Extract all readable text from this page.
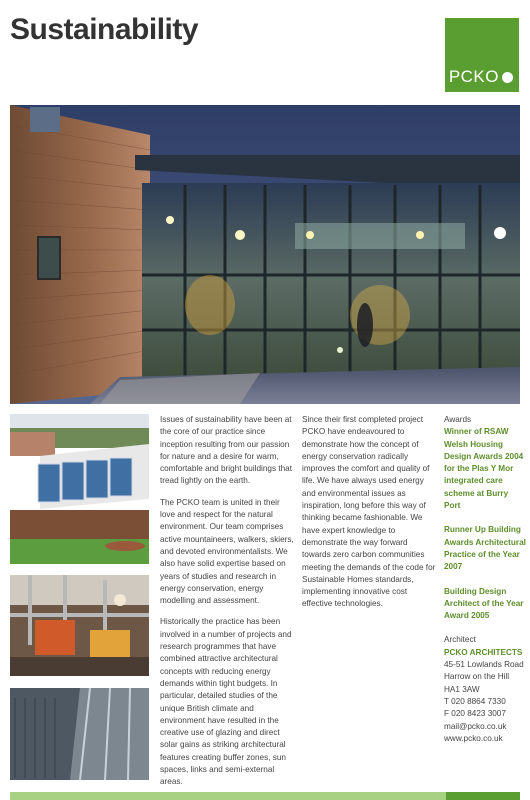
Sustainability
PCKO

Issues of sustainability have been at the core of our practice since inception resulting from our passion for nature and a desire for warm, comfortable and bright buildings that tread lightly on the earth.

The PCKO team is united in their love and respect for the natural environment. Our team comprises active mountaineers, walkers, skiers, and devoted environmentalists. We also have solid expertise based on years of studies and research in energy conservation, energy modelling and assessment.

Historically the practice has been involved in a number of projects and research programmes that have combined attractive architectural concepts with reducing energy demands within tight budgets. In particular, detailed studies of the unique British climate and environment have resulted in the creative use of glazing and direct solar gains as striking architectural features creating buffer zones, sun spaces, links and semi-external areas.

Since their first completed project PCKO have endeavoured to demonstrate how the concept of energy conservation radically improves the comfort and quality of life. We have always used energy and environmental issues as inspiration, long before this way of thinking became fashionable. We have expert knowledge to demonstrate the way forward towards zero carbon communities meeting the demands of the code for Sustainable Homes standards, implementing innovative cost effective technologies.

Awards

Winner of RSAW Welsh Housing Design Awards 2004 for the Plas Y Mor integrated care scheme at Burry Port

Runner Up Building Awards Architectural Practice of the Year 2007

Building Design Architect of the Year Award 2005

Architect
PCKO ARCHITECTS
45-51 Lowlands Road
Harrow on the Hill
HA1 3AW
T 020 8864 7330
F 020 8423 3007
mail@pcko.co.uk
www.pcko.co.uk
